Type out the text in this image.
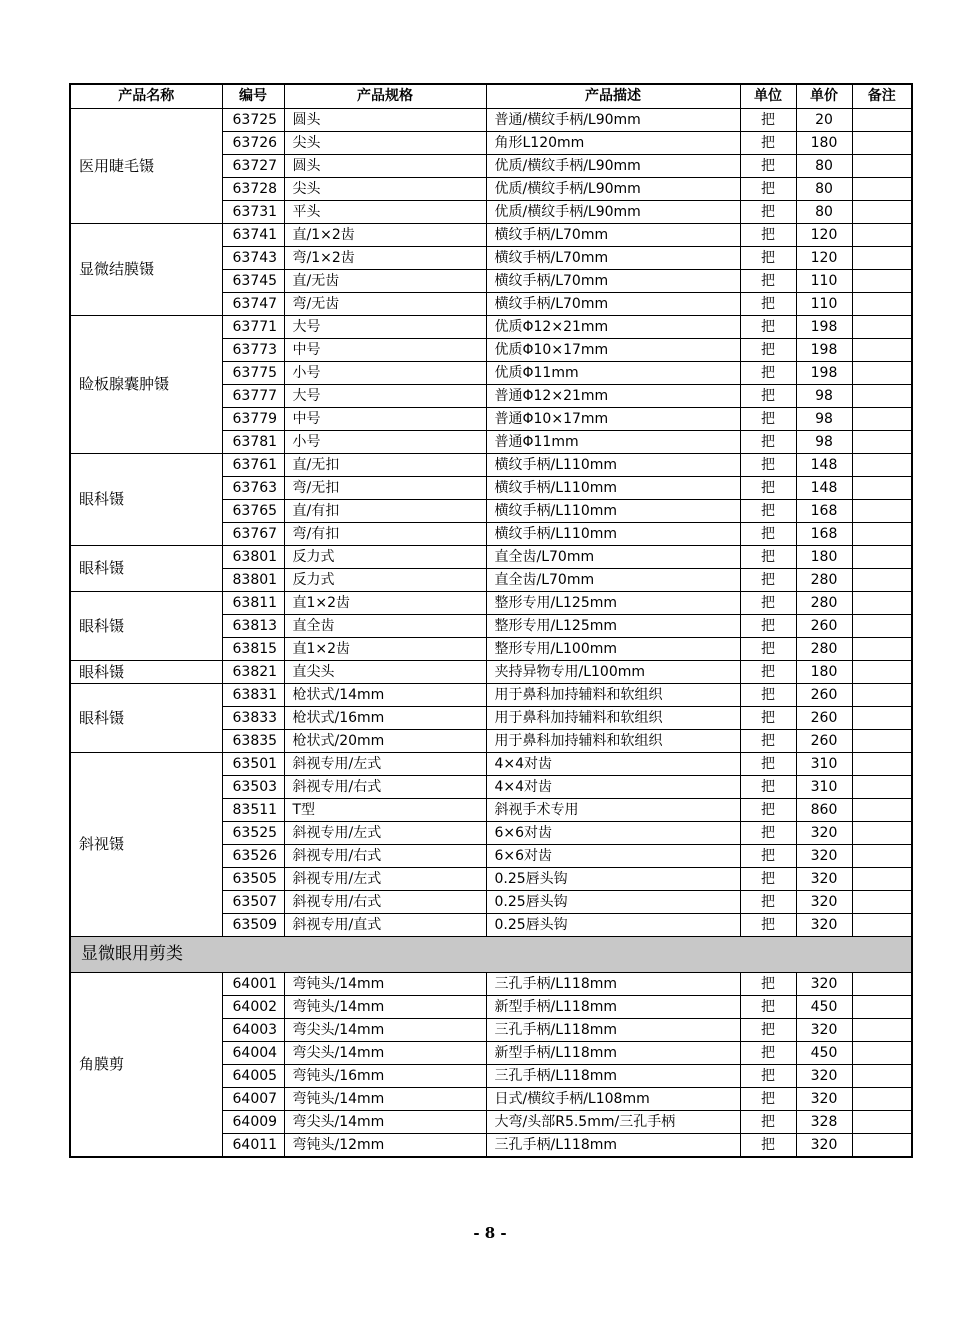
产品名称	编号	产品规格	产品描述	单位	单价	备注
医用睫毛镊	63725	圆头	普通/横纹手柄/L90mm	把	20	
	63726	尖头	角形L120mm	把	180	
	63727	圆头	优质/横纹手柄/L90mm	把	80	
	63728	尖头	优质/横纹手柄/L90mm	把	80	
	63731	平头	优质/横纹手柄/L90mm	把	80	
显微结膜镊	63741	直/1×2齿	横纹手柄/L70mm	把	120	
	63743	弯/1×2齿	横纹手柄/L70mm	把	120	
	63745	直/无齿	横纹手柄/L70mm	把	110	
	63747	弯/无齿	横纹手柄/L70mm	把	110	
睑板腺囊肿镊	63771	大号	优质Φ12×21mm	把	198	
	63773	中号	优质Φ10×17mm	把	198	
	63775	小号	优质Φ11mm	把	198	
	63777	大号	普通Φ12×21mm	把	98	
	63779	中号	普通Φ10×17mm	把	98	
	63781	小号	普通Φ11mm	把	98	
眼科镊	63761	直/无扣	横纹手柄/L110mm	把	148	
	63763	弯/无扣	横纹手柄/L110mm	把	148	
	63765	直/有扣	横纹手柄/L110mm	把	168	
	63767	弯/有扣	横纹手柄/L110mm	把	168	
眼科镊	63801	反力式	直全齿/L70mm	把	180	
	83801	反力式	直全齿/L70mm	把	280	
眼科镊	63811	直1×2齿	整形专用/L125mm	把	280	
	63813	直全齿	整形专用/L125mm	把	260	
	63815	直1×2齿	整形专用/L100mm	把	280	
眼科镊	63821	直尖头	夹持异物专用/L100mm	把	180	
眼科镊	63831	枪状式/14mm	用于鼻科加持辅料和软组织	把	260	
	63833	枪状式/16mm	用于鼻科加持辅料和软组织	把	260	
	63835	枪状式/20mm	用于鼻科加持辅料和软组织	把	260	
斜视镊	63501	斜视专用/左式	4×4对齿	把	310	
	63503	斜视专用/右式	4×4对齿	把	310	
	83511	T型	斜视手术专用	把	860	
	63525	斜视专用/左式	6×6对齿	把	320	
	63526	斜视专用/右式	6×6对齿	把	320	
	63505	斜视专用/左式	0.25唇头钩	把	320	
	63507	斜视专用/右式	0.25唇头钩	把	320	
	63509	斜视专用/直式	0.25唇头钩	把	320	
显微眼用剪类						
角膜剪	64001	弯钝头/14mm	三孔手柄/L118mm	把	320	
	64002	弯钝头/14mm	新型手柄/L118mm	把	450	
	64003	弯尖头/14mm	三孔手柄/L118mm	把	320	
	64004	弯尖头/14mm	新型手柄/L118mm	把	450	
	64005	弯钝头/16mm	三孔手柄/L118mm	把	320	
	64007	弯钝头/14mm	日式/横纹手柄/L108mm	把	320	
	64009	弯尖头/14mm	大弯/头部R5.5mm/三孔手柄	把	328	
	64011	弯钝头/12mm	三孔手柄/L118mm	把	320	
- 8 -
